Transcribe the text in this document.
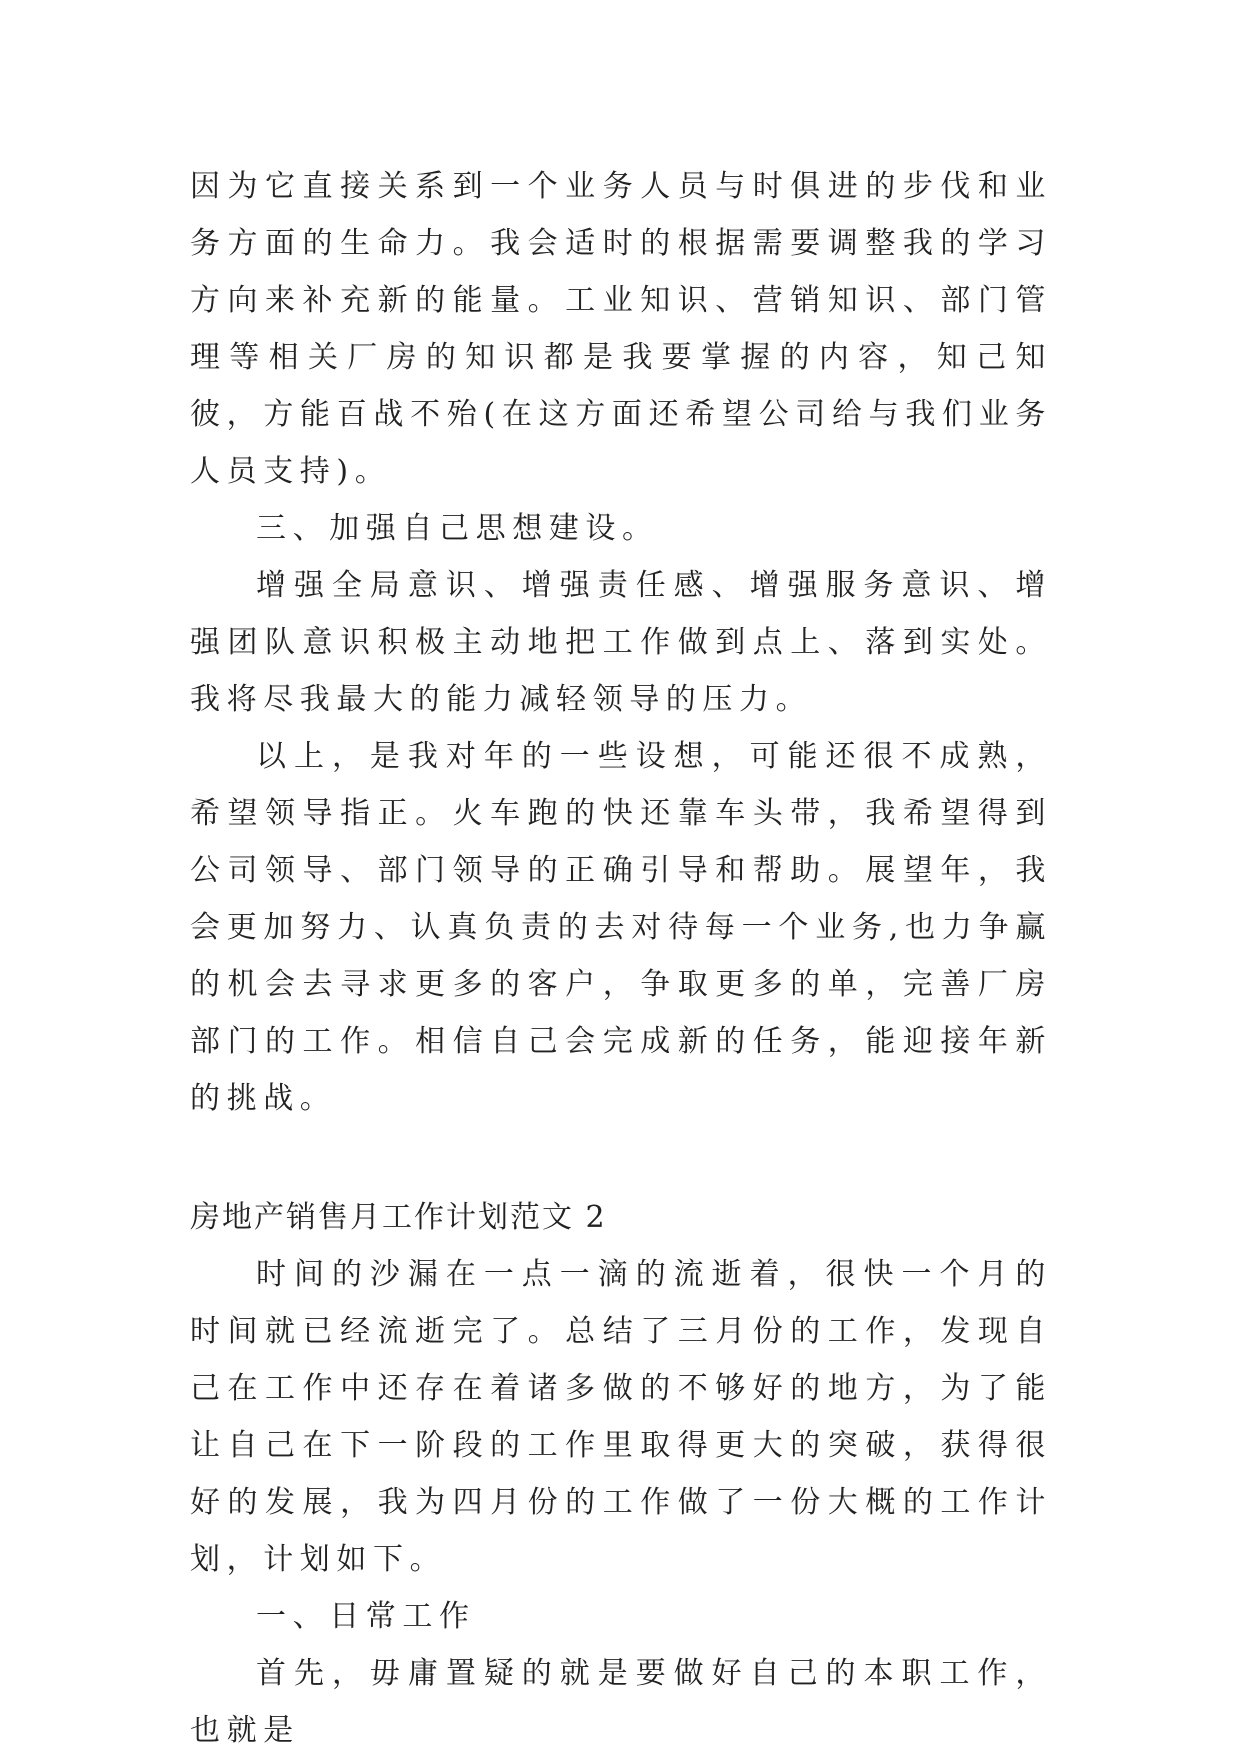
因为它直接关系到一个业务人员与时俱进的步伐和业务方面的生命力。我会适时的根据需要调整我的学习方向来补充新的能量。工业知识、营销知识、部门管理等相关厂房的知识都是我要掌握的内容，知己知彼，方能百战不殆(在这方面还希望公司给与我们业务人员支持)。

三、加强自己思想建设。

增强全局意识、增强责任感、增强服务意识、增强团队意识积极主动地把工作做到点上、落到实处。我将尽我最大的能力减轻领导的压力。

以上，是我对年的一些设想，可能还很不成熟，希望领导指正。火车跑的快还靠车头带，我希望得到公司领导、部门领导的正确引导和帮助。展望年，我会更加努力、认真负责的去对待每一个业务,也力争赢的机会去寻求更多的客户，争取更多的单，完善厂房部门的工作。相信自己会完成新的任务，能迎接年新的挑战。

房地产销售月工作计划范文 2

时间的沙漏在一点一滴的流逝着，很快一个月的时间就已经流逝完了。总结了三月份的工作，发现自己在工作中还存在着诸多做的不够好的地方，为了能让自己在下一阶段的工作里取得更大的突破，获得很好的发展，我为四月份的工作做了一份大概的工作计划，计划如下。

一、日常工作

首先，毋庸置疑的就是要做好自己的本职工作，也就是
